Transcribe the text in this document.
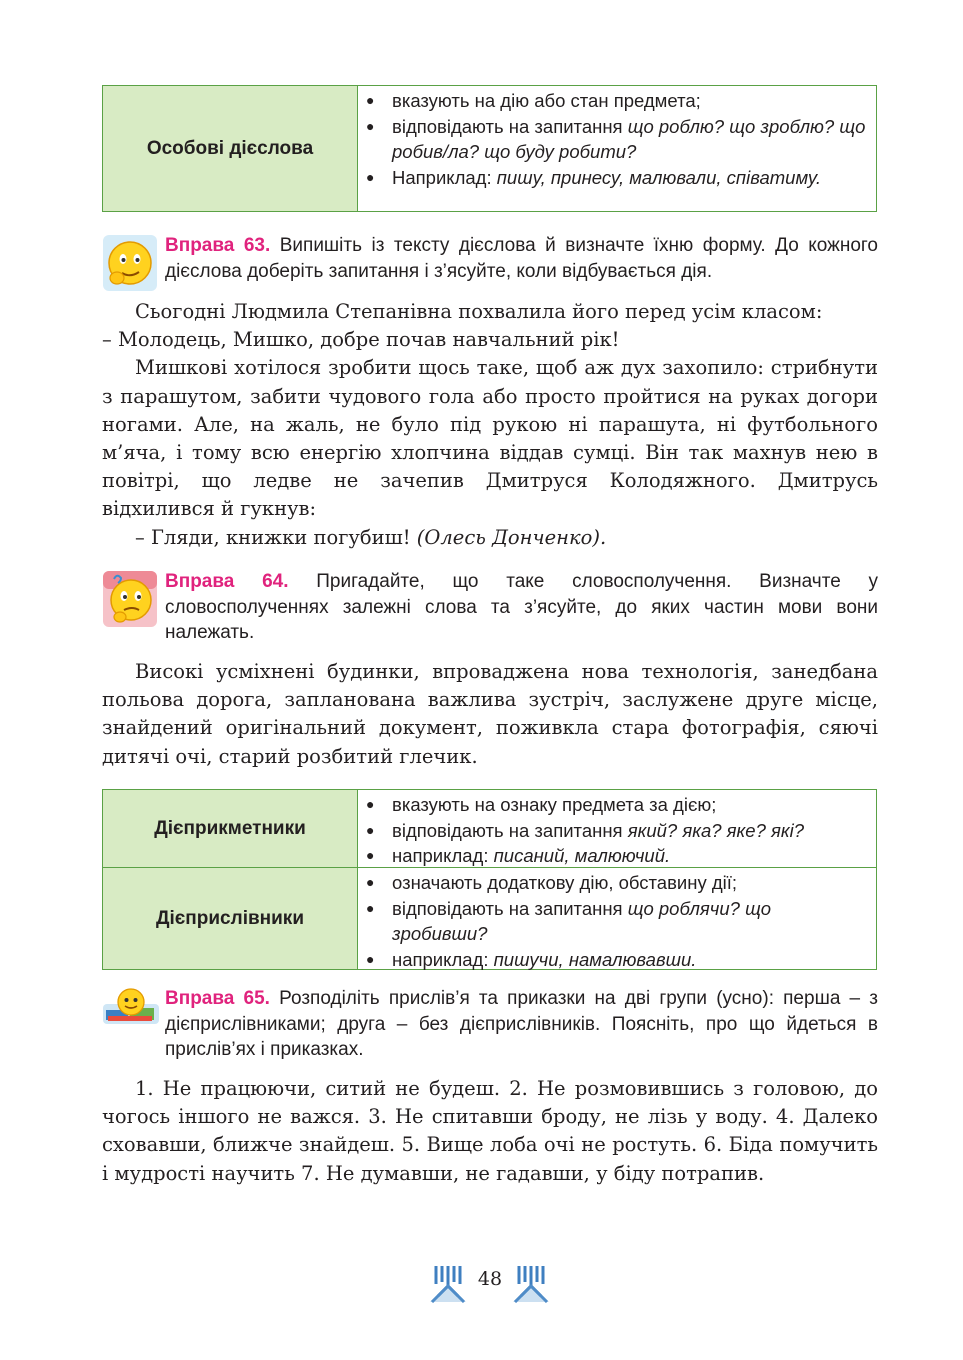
Особові дієслова
● вказують на дію або стан предмета;
● відповідають на запитання що роблю? що зроблю? що робив/ла? що буду робити?
● Наприклад: пишу, принесу, малювали, співатиму.
Вправа 63. Випишіть із тексту дієслова й визначте їхню форму. До кожного дієслова доберіть запитання і з’ясуйте, коли відбувається дія.

Сьогодні Людмила Степанівна похвалила його перед усім класом:

– Молодець, Мишко, добре почав навчальний рік!

Мишкові хотілося зробити щось таке, щоб аж дух захопило: стрибнути з парашутом, забити чудового гола або просто пройтися на руках догори ногами. Але, на жаль, не було під рукою ні парашута, ні футбольного м’яча, і тому всю енергію хлопчина віддав сумці. Він так махнув нею в повітрі, що ледве не зачепив Дмитруся Колодяжного. Дмитрусь відхилився й гукнув:

– Гляди, книжки погубиш! (Олесь Донченко).

Вправа 64. Пригадайте, що таке словосполучення. Визначте у словосполученнях залежні слова та з’ясуйте, до яких частин мови вони належать.

Високі усміхнені будинки, впроваджена нова технологія, занедбана польова дорога, запланована важлива зустріч, заслужене друге місце, знайдений оригінальний документ, поживкла стара фотографія, сяючі дитячі очі, старий розбитий глечик.

Дієприкметники
● вказують на ознаку предмета за дією;
● відповідають на запитання який? яка? яке? які?
● наприклад: писаний, малюючий.
Дієприслівники
● означають додаткову дію, обставину дії;
● відповідають на запитання що роблячи? що зробивши?
● наприклад: пишучи, намалювавши.
Вправа 65. Розподіліть прислів’я та приказки на дві групи (усно): перша – з дієприслівниками; друга – без дієприслівників. Поясніть, про що йдеться в прислів’ях і приказках.

1. Не працюючи, ситий не будеш. 2. Не розмовившись з головою, до чогось іншого не важся. 3. Не спитавши броду, не лізь у воду. 4. Далеко сховавши, ближче знайдеш. 5. Вище лоба очі не ростуть. 6. Біда помучить і мудрості научить 7. Не думавши, не гадавши, у біду потрапив.

48
